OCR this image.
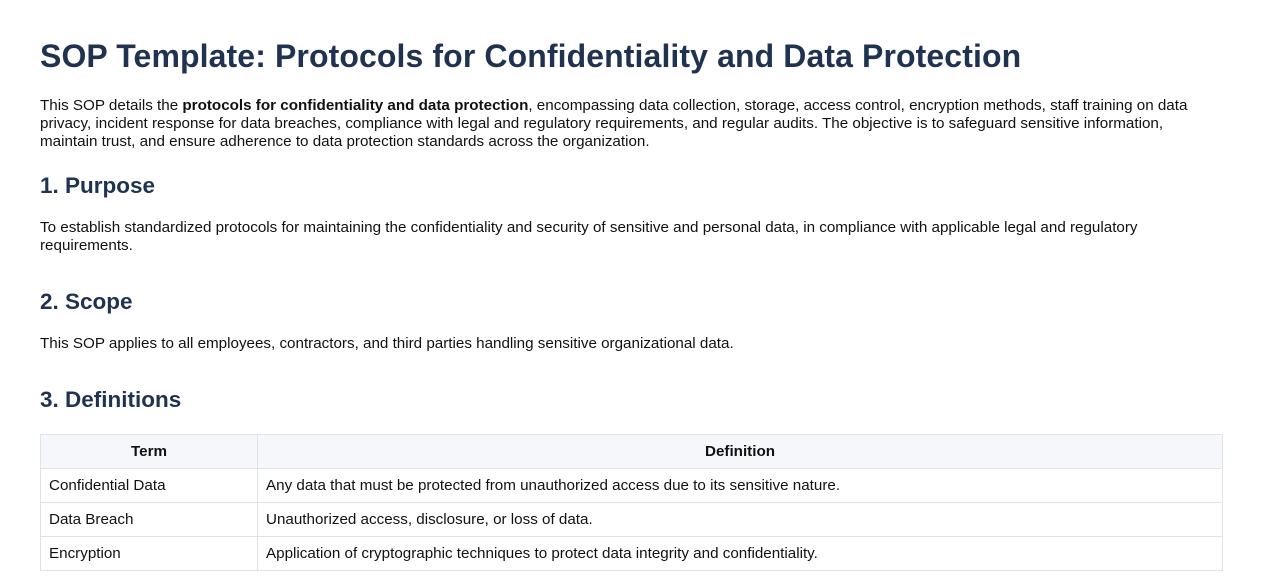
SOP Template: Protocols for Confidentiality and Data Protection

This SOP details the protocols for confidentiality and data protection, encompassing data collection, storage, access control, encryption methods, staff training on data privacy, incident response for data breaches, compliance with legal and regulatory requirements, and regular audits. The objective is to safeguard sensitive information, maintain trust, and ensure adherence to data protection standards across the organization.

1. Purpose

To establish standardized protocols for maintaining the confidentiality and security of sensitive and personal data, in compliance with applicable legal and regulatory requirements.

2. Scope

This SOP applies to all employees, contractors, and third parties handling sensitive organizational data.

3. Definitions
Term	Definition
Confidential Data	Any data that must be protected from unauthorized access due to its sensitive nature.
Data Breach	Unauthorized access, disclosure, or loss of data.
Encryption	Application of cryptographic techniques to protect data integrity and confidentiality.
